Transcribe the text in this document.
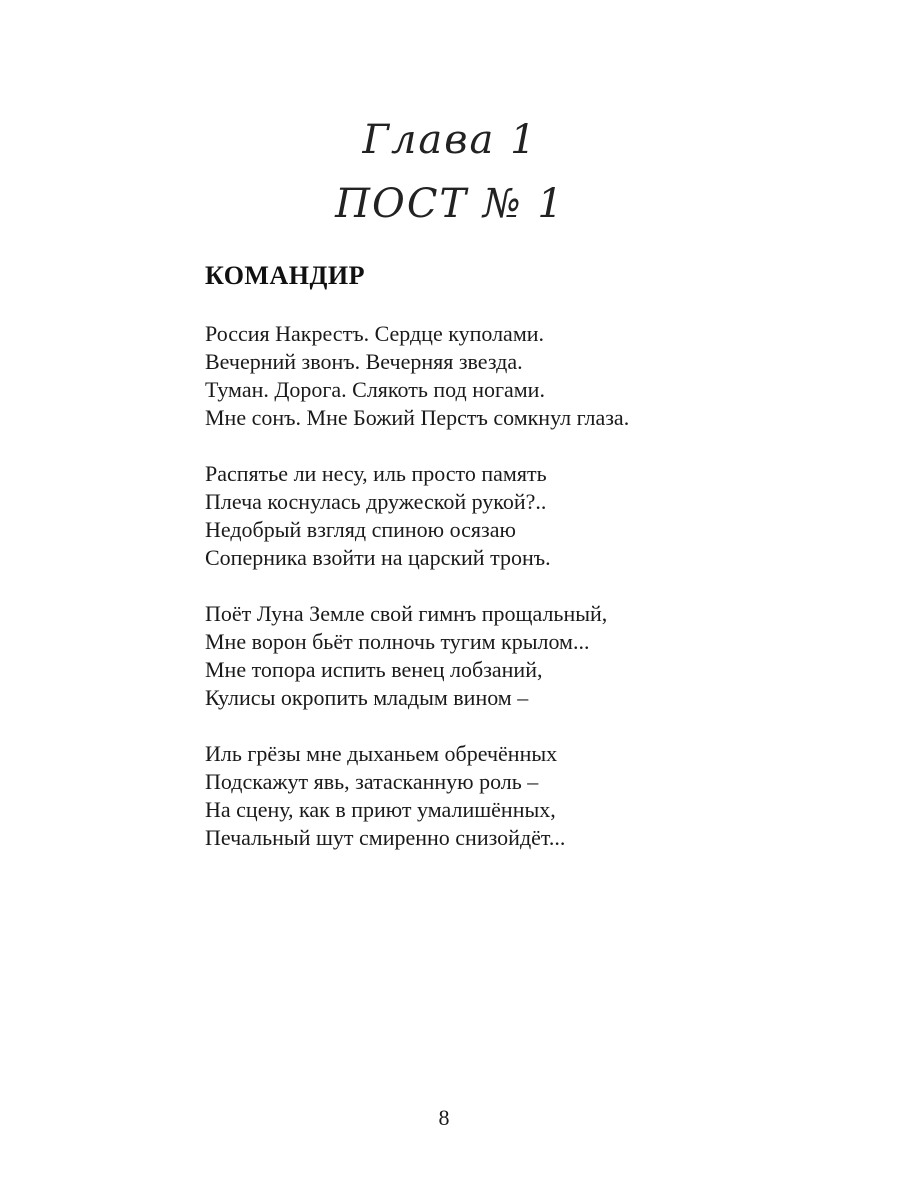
Глава 1
ПОСТ № 1
КОМАНДИР
Россия Накрестъ. Сердце куполами.
Вечерний звонъ. Вечерняя звезда.
Туман. Дорога. Слякоть под ногами.
Мне сонъ. Мне Божий Перстъ сомкнул глаза.
Распятье ли несу, иль просто память
Плеча коснулась дружеской рукой?..
Недобрый взгляд спиною осязаю
Соперника взойти на царский тронъ.
Поёт Луна Земле свой гимнъ прощальный,
Мне ворон бьёт полночь тугим крылом...
Мне топора испить венец лобзаний,
Кулисы окропить младым вином –
Иль грёзы мне дыханьем обречённых
Подскажут явь, затасканную роль –
На сцену, как в приют умалишённых,
Печальный шут смиренно снизойдёт...
8
